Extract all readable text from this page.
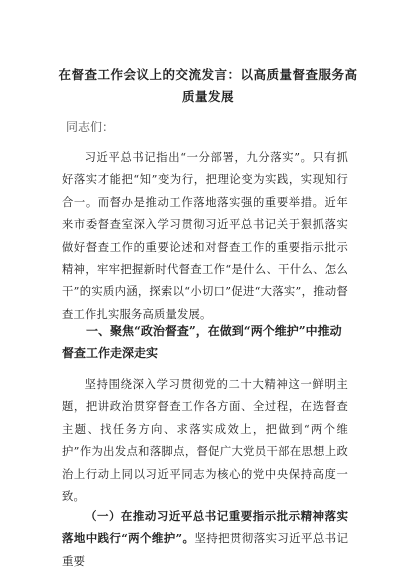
在督查工作会议上的交流发言：以高质量督查服务高质量发展
同志们：
习近平总书记指出“一分部署，九分落实”。只有抓好落实才能把“知”变为行，把理论变为实践，实现知行合一。而督办是推动工作落地落实强的重要举措。近年来市委督查室深入学习贯彻习近平总书记关于狠抓落实做好督查工作的重要论述和对督查工作的重要指示批示精神，牢牢把握新时代督查工作“是什么、干什么、怎么干”的实质内涵，探索以“小切口”促进“大落实”，推动督查工作扎实服务高质量发展。
一、聚焦“政治督查”，在做到“两个维护”中推动督查工作走深走实
坚持围绕深入学习贯彻党的二十大精神这一鲜明主题，把讲政治贯穿督查工作各方面、全过程，在选督查主题、找任务方向、求落实成效上，把做到“两个维护”作为出发点和落脚点，督促广大党员干部在思想上政治上行动上同以习近平同志为核心的党中央保持高度一致。
（一）在推动习近平总书记重要指示批示精神落实落地中践行“两个维护”。坚持把贯彻落实习近平总书记重要
